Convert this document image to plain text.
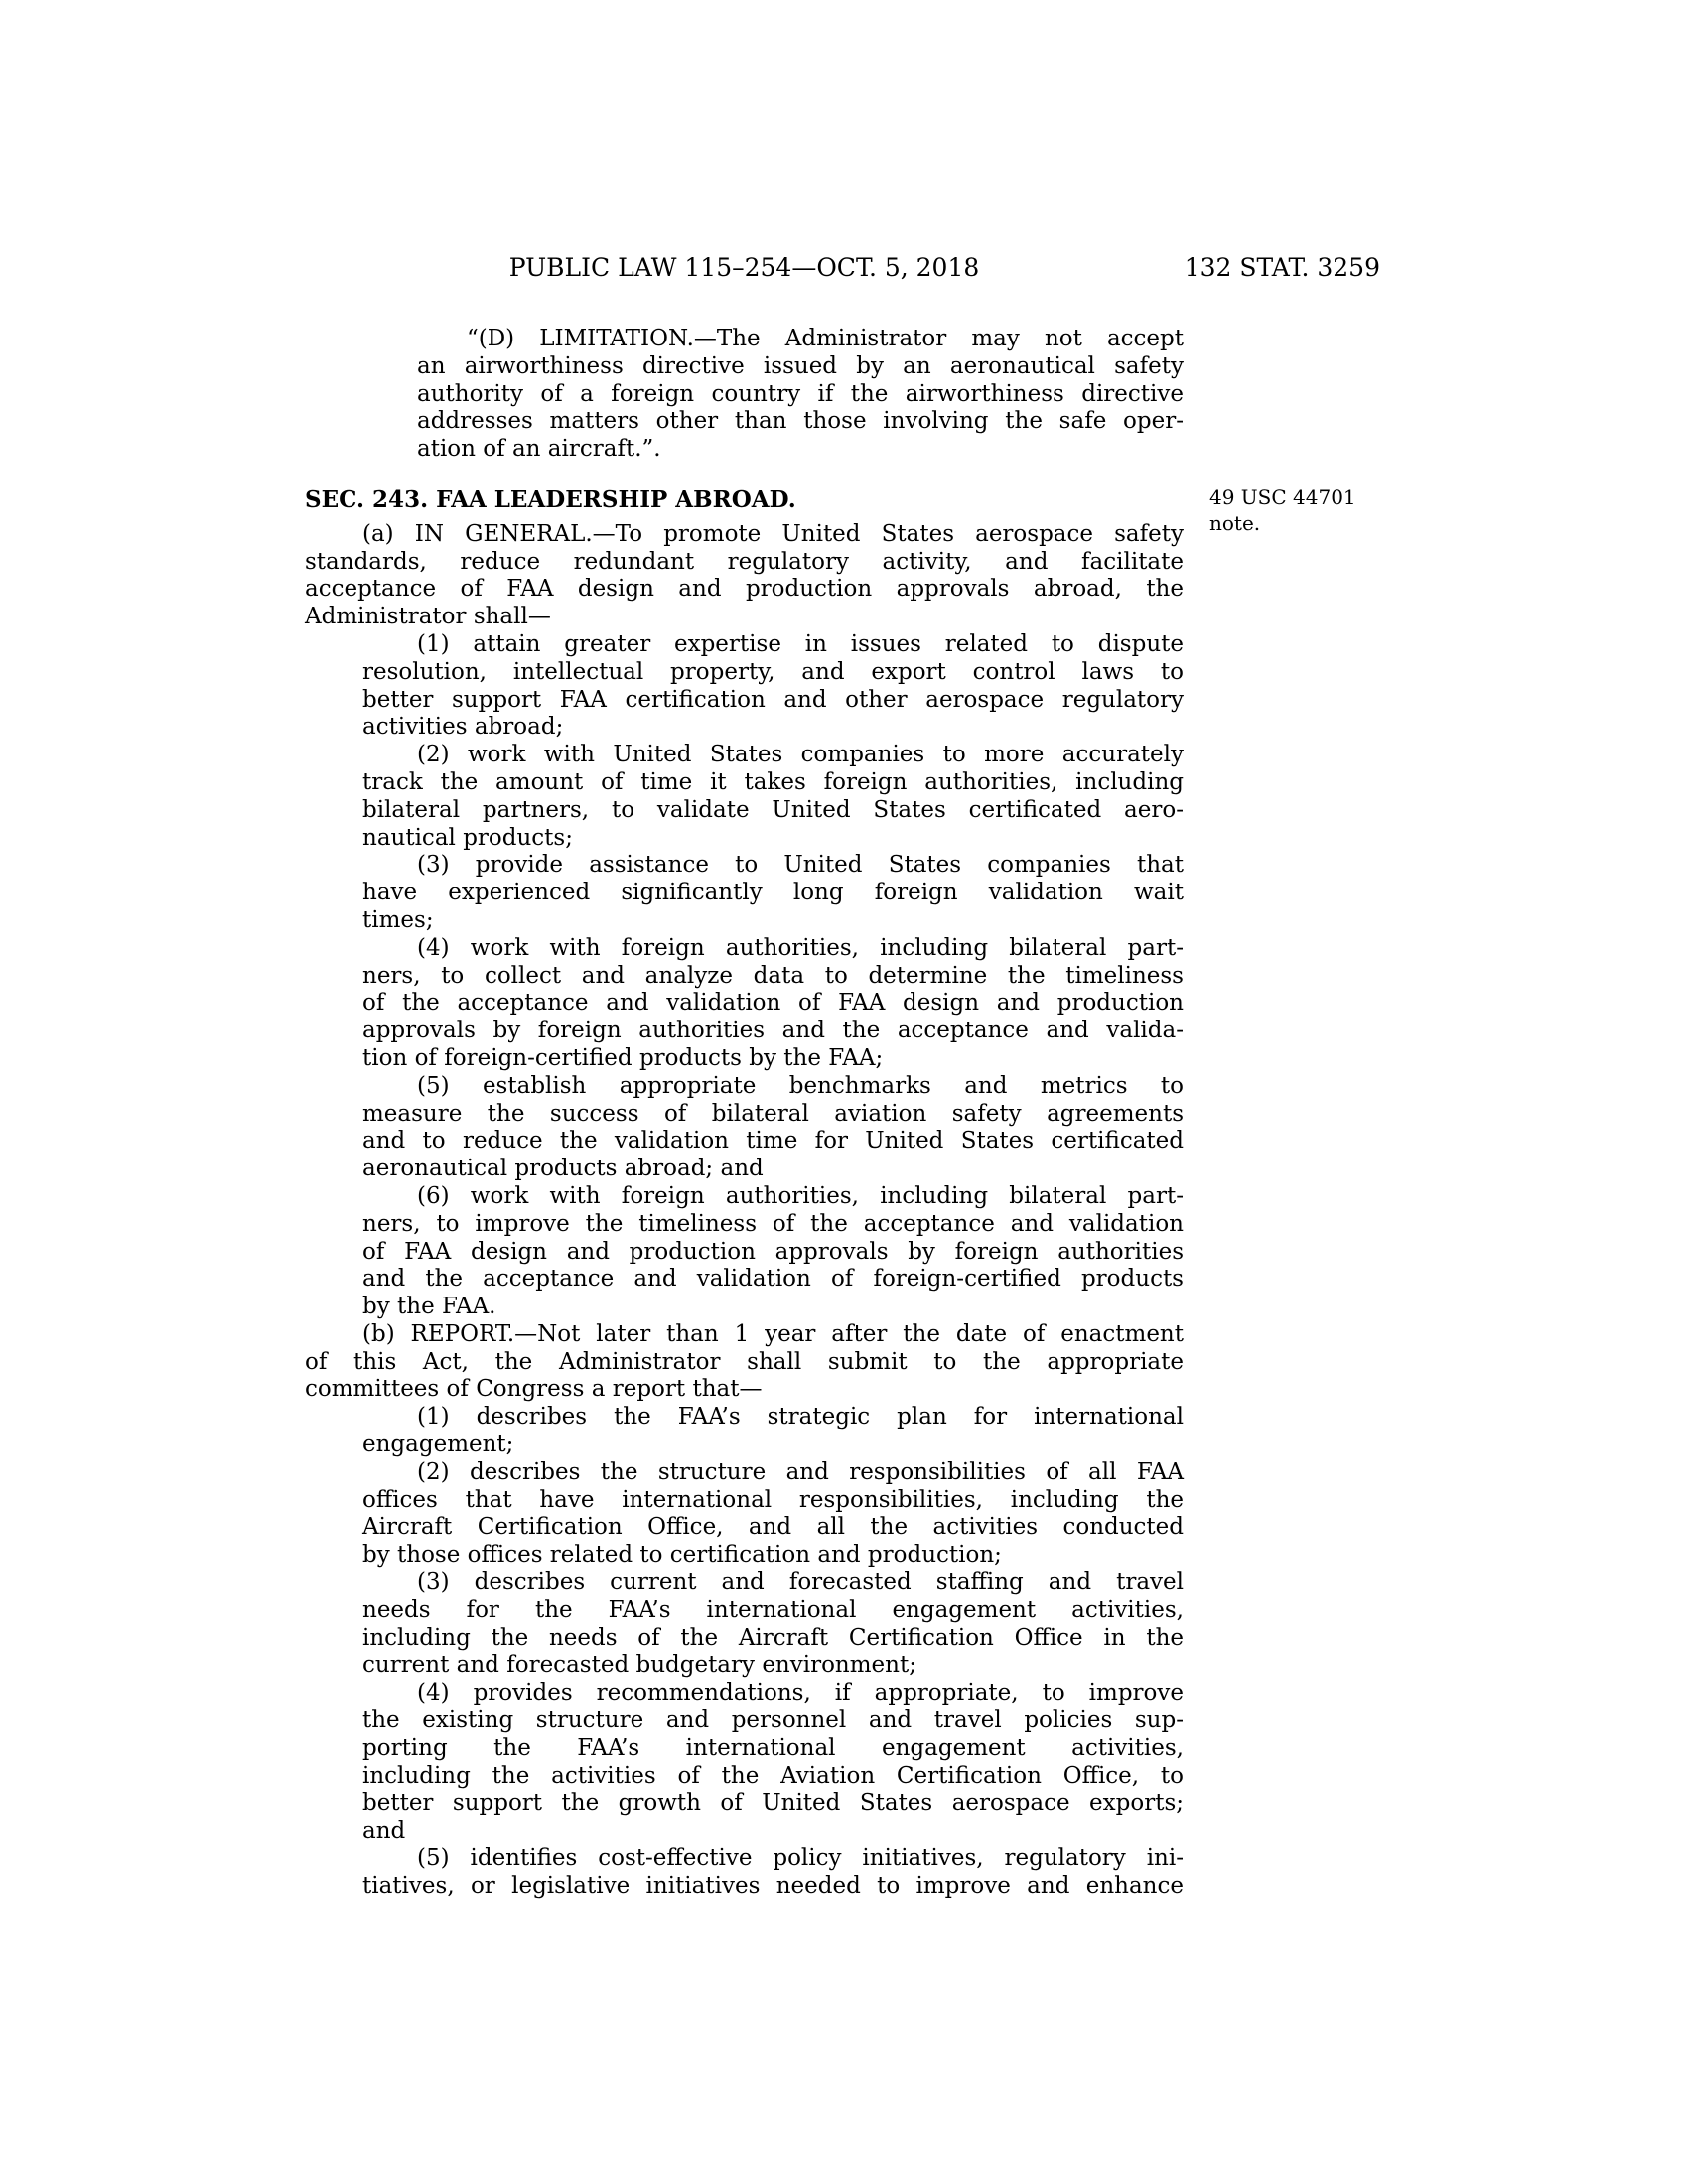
PUBLIC LAW 115–254—OCT. 5, 2018	132 STAT. 3259
“(D) LIMITATION.—The Administrator may not accept
an airworthiness directive issued by an aeronautical safety
authority of a foreign country if the airworthiness directive
addresses matters other than those involving the safe oper-
ation of an aircraft.”.
SEC. 243. FAA LEADERSHIP ABROAD.
(a) IN GENERAL.—To promote United States aerospace safety
standards, reduce redundant regulatory activity, and facilitate
acceptance of FAA design and production approvals abroad, the
Administrator shall—
(1) attain greater expertise in issues related to dispute
resolution, intellectual property, and export control laws to
better support FAA certification and other aerospace regulatory
activities abroad;
(2) work with United States companies to more accurately
track the amount of time it takes foreign authorities, including
bilateral partners, to validate United States certificated aero-
nautical products;
(3) provide assistance to United States companies that
have experienced significantly long foreign validation wait
times;
(4) work with foreign authorities, including bilateral part-
ners, to collect and analyze data to determine the timeliness
of the acceptance and validation of FAA design and production
approvals by foreign authorities and the acceptance and valida-
tion of foreign-certified products by the FAA;
(5) establish appropriate benchmarks and metrics to
measure the success of bilateral aviation safety agreements
and to reduce the validation time for United States certificated
aeronautical products abroad; and
(6) work with foreign authorities, including bilateral part-
ners, to improve the timeliness of the acceptance and validation
of FAA design and production approvals by foreign authorities
and the acceptance and validation of foreign-certified products
by the FAA.
(b) REPORT.—Not later than 1 year after the date of enactment
of this Act, the Administrator shall submit to the appropriate
committees of Congress a report that—
(1) describes the FAA’s strategic plan for international
engagement;
(2) describes the structure and responsibilities of all FAA
offices that have international responsibilities, including the
Aircraft Certification Office, and all the activities conducted
by those offices related to certification and production;
(3) describes current and forecasted staffing and travel
needs for the FAA’s international engagement activities,
including the needs of the Aircraft Certification Office in the
current and forecasted budgetary environment;
(4) provides recommendations, if appropriate, to improve
the existing structure and personnel and travel policies sup-
porting the FAA’s international engagement activities,
including the activities of the Aviation Certification Office, to
better support the growth of United States aerospace exports;
and
(5) identifies cost-effective policy initiatives, regulatory ini-
tiatives, or legislative initiatives needed to improve and enhance
49 USC 44701
note.
